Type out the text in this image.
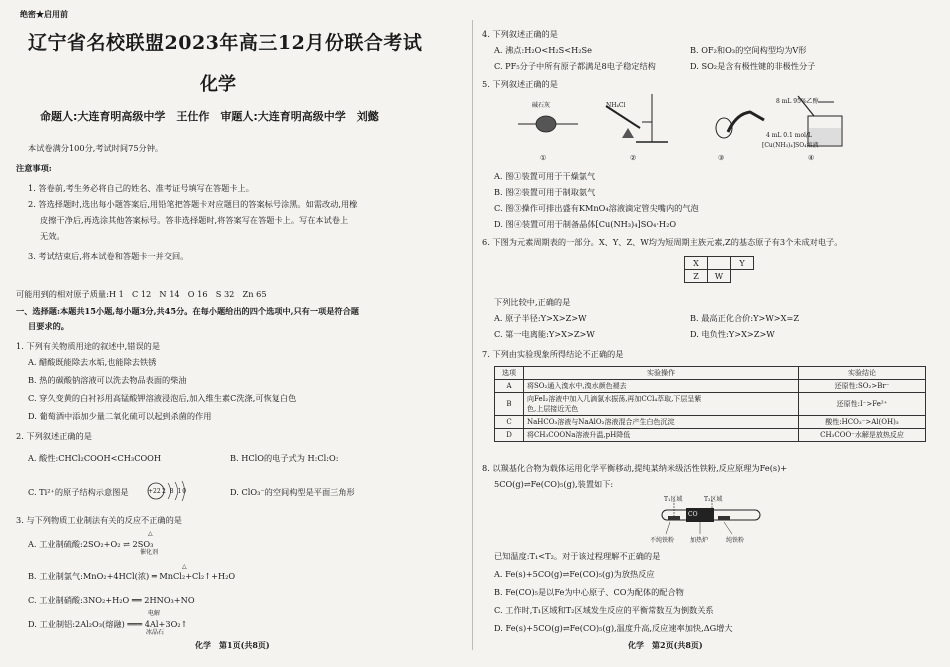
绝密★启用前
辽宁省名校联盟2023年高三12月份联合考试
化学
命题人:大连育明高级中学　王仕作　审题人:大连育明高级中学　刘懿
本试卷满分100分,考试时间75分钟。
注意事项:
1. 答卷前,考生务必将自己的姓名、准考证号填写在答题卡上。
2. 答选择题时,选出每小题答案后,用铅笔把答题卡对应题目的答案标号涂黑。如需改动,用橡
皮擦干净后,再选涂其他答案标号。答非选择题时,将答案写在答题卡上。写在本试卷上
无效。
3. 考试结束后,将本试卷和答题卡一并交回。
可能用到的相对原子质量:H 1　C 12　N 14　O 16　S 32　Zn 65
一、选择题:本题共15小题,每小题3分,共45分。在每小题给出的四个选项中,只有一项是符合题
目要求的。
1. 下列有关物质用途的叙述中,错误的是
A. 醋酸既能除去水垢,也能除去铁锈
B. 热的碳酸钠溶液可以洗去物品表面的柴油
C. 穿久变黄的白衬衫用高锰酸钾溶液浸泡后,加入维生素C洗涤,可恢复白色
D. 葡萄酒中添加少量二氧化硫可以起到杀菌的作用
2. 下列叙述正确的是
A. 酸性:CHCl₂COOH<CH₃COOH	B. HClO的电子式为 H:Cl:O:
C. Ti²⁺的原子结构示意图是	+22 2 8 10	D. ClO₃⁻的空间构型是平面三角形
3. 与下列物质工业制法有关的反应不正确的是
A. 工业制硫酸:2SO₂+O₂ ⇌ 2SO₃
△
催化剂
B. 工业制氯气:MnO₂+4HCl(浓) ═ MnCl₂+Cl₂↑+H₂O
△
C. 工业制硝酸:3NO₂+H₂O ══ 2HNO₃+NO
D. 工业制铝:2Al₂O₃(熔融) ═══ 4Al+3O₂↑
电解
冰晶石
化学　第1页(共8页)
4. 下列叙述正确的是
A. 沸点:H₂O<H₂S<H₂Se	B. OF₂和O₃的空间构型均为V形
C. PF₅分子中所有原子都满足8电子稳定结构	D. SO₂是含有极性键的非极性分子
5. 下列叙述正确的是
碱石灰	NH₄Cl
8 mL 95%乙醇
4 mL 0.1 mol/L
[Cu(NH₃)₄]SO₄溶液
①	②	③	④
A. 图①装置可用于干燥氯气
B. 图②装置可用于制取氨气
C. 图③操作可排出盛有KMnO₄溶液滴定管尖嘴内的气泡
D. 图④装置可用于制备晶体[Cu(NH₃)₄]SO₄·H₂O
6. 下图为元素周期表的一部分。X、Y、Z、W均为短周期主族元素,Z的基态原子有3个未成对电子。
X		Y
Z	W	
下列比较中,正确的是
A. 原子半径:Y>X>Z>W	B. 最高正化合价:Y>W>X=Z
C. 第一电离能:Y>X>Z>W	D. 电负性:Y>X>Z>W
7. 下列由实验现象所得结论不正确的是
选项	实验操作	实验结论
A	将SO₂通入溴水中,溴水颜色褪去	还原性:SO₂>Br⁻
B	向FeI₂溶液中加入几滴氯水振荡,再加CCl₄萃取,下层呈紫
色,上层接近无色	还原性:I⁻>Fe²⁺
C	NaHCO₃溶液与NaAlO₂溶液混合产生白色沉淀	酸性:HCO₃⁻>Al(OH)₃
D	将CH₃COONa溶液升温,pH降低	CH₃COO⁻水解是放热反应
8. 以羰基化合物为载体运用化学平衡移动,提纯某纳米级活性铁粉,反应原理为Fe(s)+
5CO(g)⇌Fe(CO)₅(g),装置如下:
T₁区域	T₂区域
CO
不纯铁粉	加热炉	纯铁粉
已知温度:T₁<T₂。对于该过程理解不正确的是
A. Fe(s)+5CO(g)⇌Fe(CO)₅(g)为放热反应
B. Fe(CO)₅是以Fe为中心原子、CO为配体的配合物
C. 工作时,T₁区域和T₂区域发生反应的平衡常数互为倒数关系
D. Fe(s)+5CO(g)⇌Fe(CO)₅(g),温度升高,反应速率加快,ΔG增大
化学　第2页(共8页)
